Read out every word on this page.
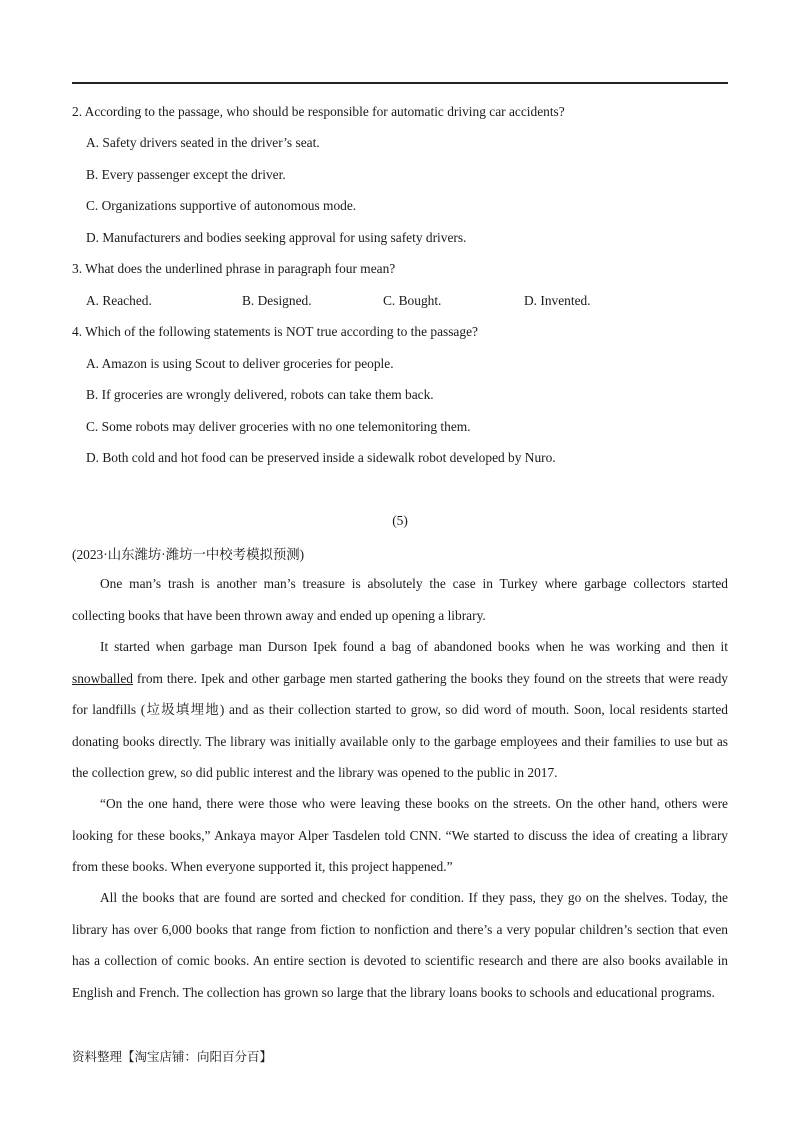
2. According to the passage, who should be responsible for automatic driving car accidents?
A. Safety drivers seated in the driver’s seat.
B. Every passenger except the driver.
C. Organizations supportive of autonomous mode.
D. Manufacturers and bodies seeking approval for using safety drivers.
3. What does the underlined phrase in paragraph four mean?
A. Reached.	B. Designed.	C. Bought.	D. Invented.
4. Which of the following statements is NOT true according to the passage?
A. Amazon is using Scout to deliver groceries for people.
B. If groceries are wrongly delivered, robots can take them back.
C. Some robots may deliver groceries with no one telemonitoring them.
D. Both cold and hot food can be preserved inside a sidewalk robot developed by Nuro.
(5)
(2023·山东潍坊·潍坊一中校考模拟预测)
One man’s trash is another man’s treasure is absolutely the case in Turkey where garbage collectors started collecting books that have been thrown away and ended up opening a library.
It started when garbage man Durson Ipek found a bag of abandoned books when he was working and then it snowballed from there. Ipek and other garbage men started gathering the books they found on the streets that were ready for landfills (垃圾填埋地) and as their collection started to grow, so did word of mouth. Soon, local residents started donating books directly. The library was initially available only to the garbage employees and their families to use but as the collection grew, so did public interest and the library was opened to the public in 2017.
“On the one hand, there were those who were leaving these books on the streets. On the other hand, others were looking for these books,” Ankaya mayor Alper Tasdelen told CNN. “We started to discuss the idea of creating a library from these books. When everyone supported it, this project happened.”
All the books that are found are sorted and checked for condition. If they pass, they go on the shelves. Today, the library has over 6,000 books that range from fiction to nonfiction and there’s a very popular children’s section that even has a collection of comic books. An entire section is devoted to scientific research and there are also books available in English and French. The collection has grown so large that the library loans books to schools and educational programs.
资料整理【淘宝店铺：向阳百分百】
